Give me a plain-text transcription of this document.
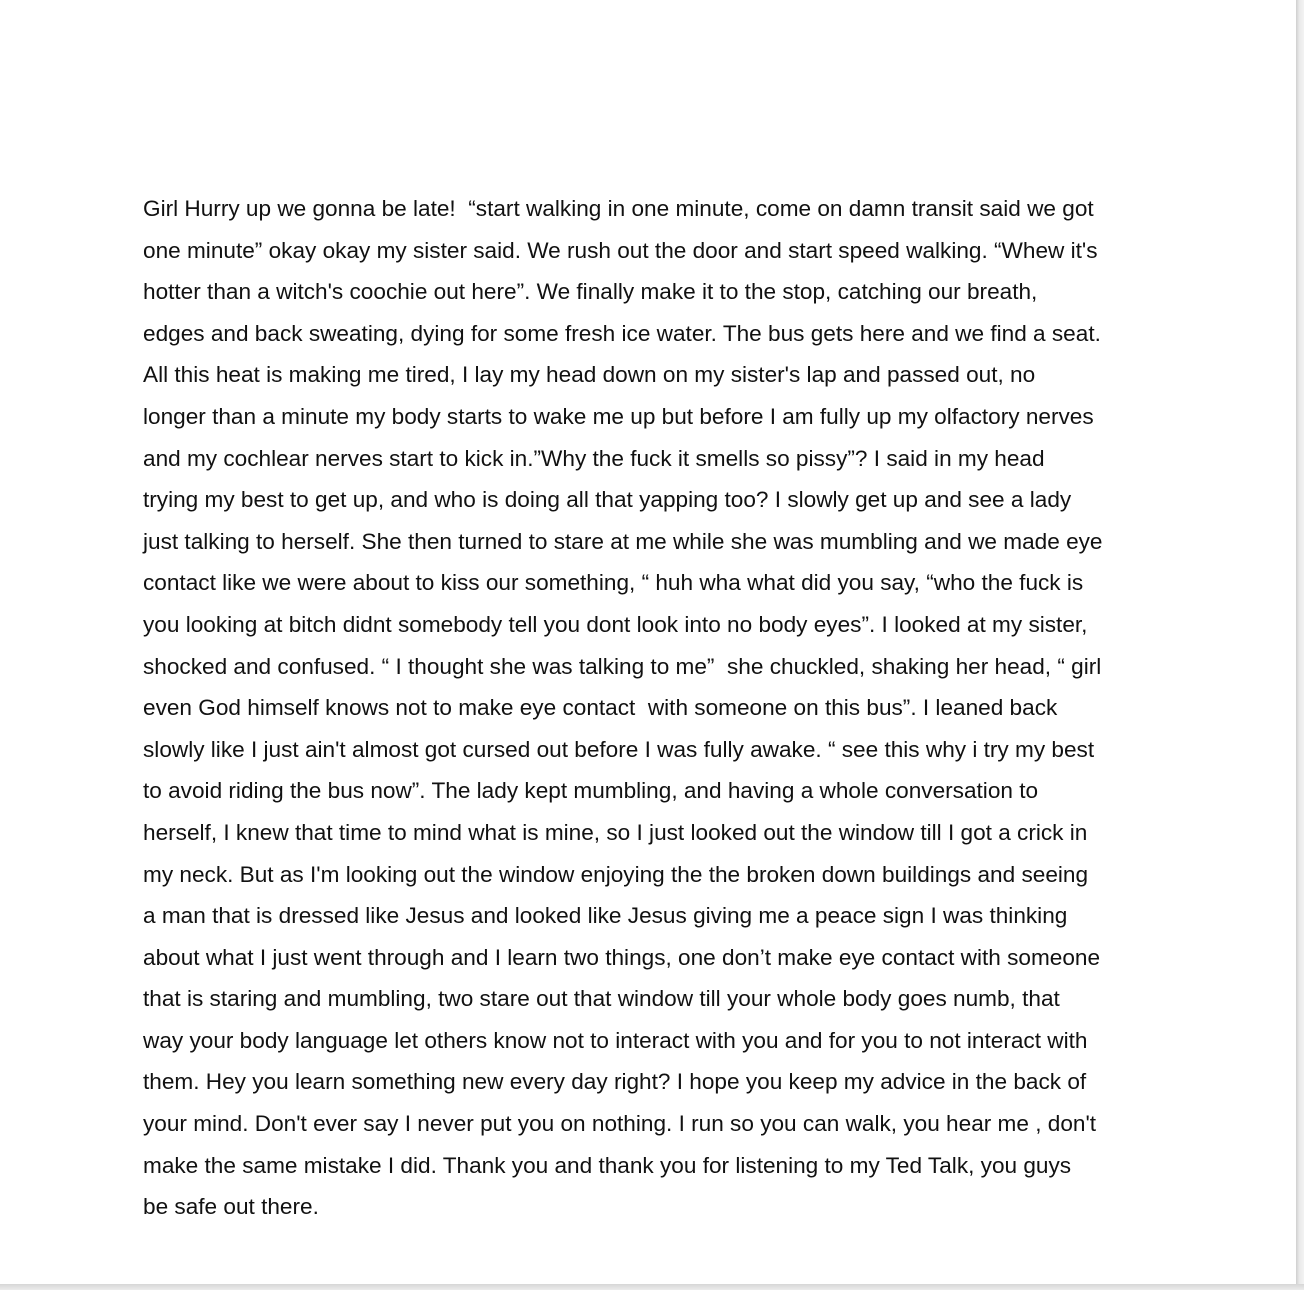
Girl Hurry up we gonna be late!  “start walking in one minute, come on damn transit said we got
one minute” okay okay my sister said. We rush out the door and start speed walking. “Whew it's
hotter than a witch's coochie out here”. We finally make it to the stop, catching our breath,
edges and back sweating, dying for some fresh ice water. The bus gets here and we find a seat.
All this heat is making me tired, I lay my head down on my sister's lap and passed out, no
longer than a minute my body starts to wake me up but before I am fully up my olfactory nerves
and my cochlear nerves start to kick in.”Why the fuck it smells so pissy”? I said in my head
trying my best to get up, and who is doing all that yapping too? I slowly get up and see a lady
just talking to herself. She then turned to stare at me while she was mumbling and we made eye
contact like we were about to kiss our something, “ huh wha what did you say, “who the fuck is
you looking at bitch didnt somebody tell you dont look into no body eyes”. I looked at my sister,
shocked and confused. “ I thought she was talking to me”  she chuckled, shaking her head, “ girl
even God himself knows not to make eye contact  with someone on this bus”. I leaned back
slowly like I just ain't almost got cursed out before I was fully awake. “ see this why i try my best
to avoid riding the bus now”. The lady kept mumbling, and having a whole conversation to
herself, I knew that time to mind what is mine, so I just looked out the window till I got a crick in
my neck. But as I'm looking out the window enjoying the the broken down buildings and seeing
a man that is dressed like Jesus and looked like Jesus giving me a peace sign I was thinking
about what I just went through and I learn two things, one don’t make eye contact with someone
that is staring and mumbling, two stare out that window till your whole body goes numb, that
way your body language let others know not to interact with you and for you to not interact with
them. Hey you learn something new every day right? I hope you keep my advice in the back of
your mind. Don't ever say I never put you on nothing. I run so you can walk, you hear me , don't
make the same mistake I did. Thank you and thank you for listening to my Ted Talk, you guys
be safe out there.
